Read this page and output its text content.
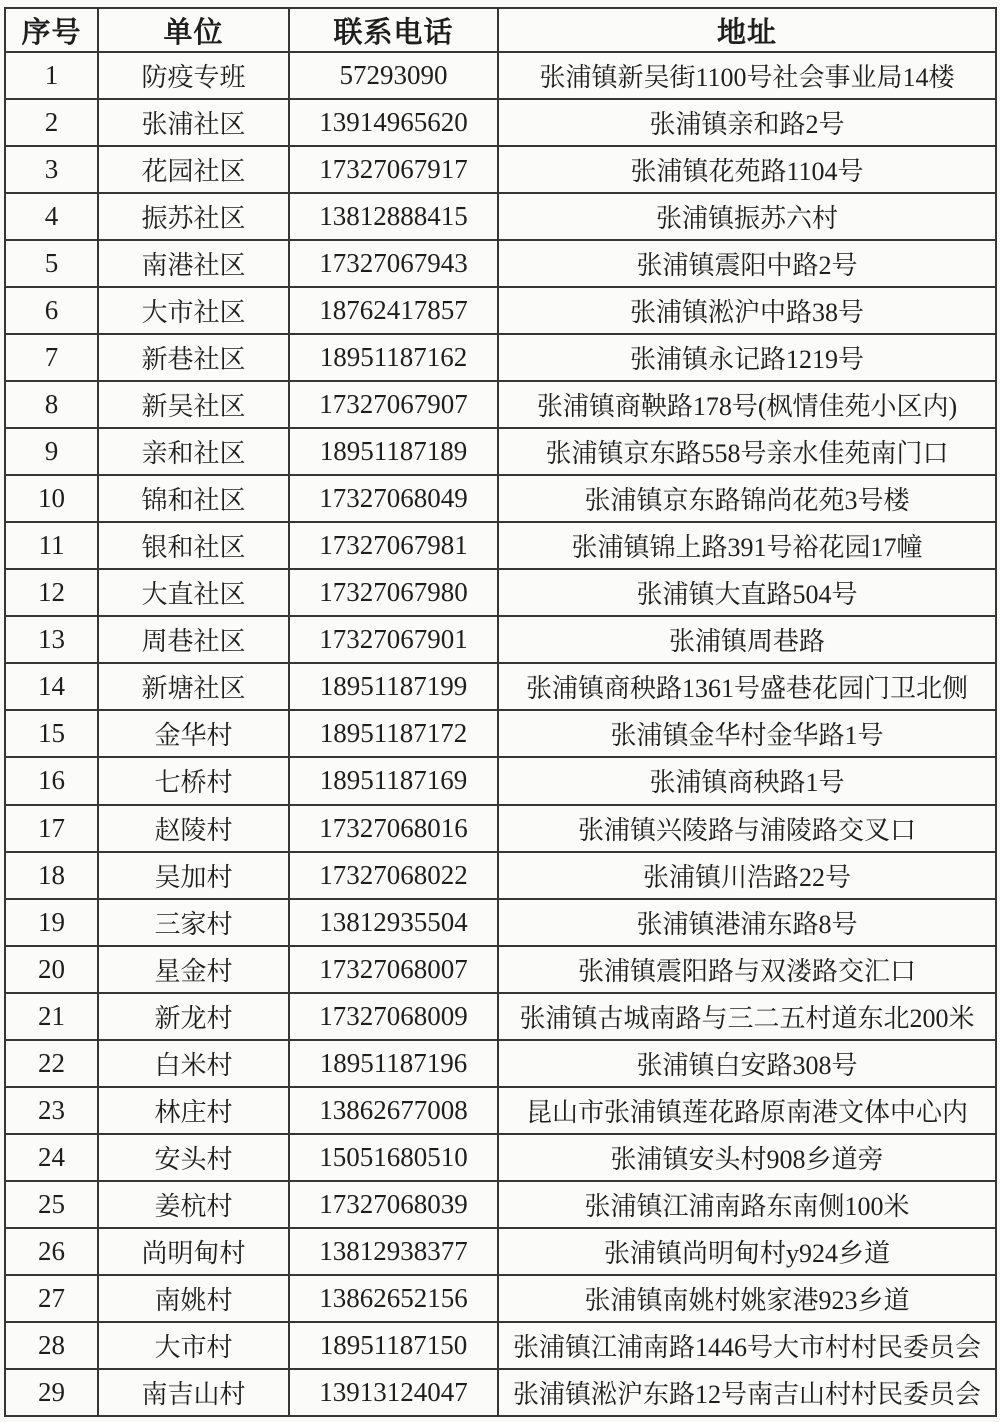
序号	单位	联系电话	地址
1	防疫专班	57293090	张浦镇新吴街1100号社会事业局14楼
2	张浦社区	13914965620	张浦镇亲和路2号
3	花园社区	17327067917	张浦镇花苑路1104号
4	振苏社区	13812888415	张浦镇振苏六村
5	南港社区	17327067943	张浦镇震阳中路2号
6	大市社区	18762417857	张浦镇淞沪中路38号
7	新巷社区	18951187162	张浦镇永记路1219号
8	新吴社区	17327067907	张浦镇商鞅路178号(枫情佳苑小区内)
9	亲和社区	18951187189	张浦镇京东路558号亲水佳苑南门口
10	锦和社区	17327068049	张浦镇京东路锦尚花苑3号楼
11	银和社区	17327067981	张浦镇锦上路391号裕花园17幢
12	大直社区	17327067980	张浦镇大直路504号
13	周巷社区	17327067901	张浦镇周巷路
14	新塘社区	18951187199	张浦镇商秧路1361号盛巷花园门卫北侧
15	金华村	18951187172	张浦镇金华村金华路1号
16	七桥村	18951187169	张浦镇商秧路1号
17	赵陵村	17327068016	张浦镇兴陵路与浦陵路交叉口
18	吴加村	17327068022	张浦镇川浩路22号
19	三家村	13812935504	张浦镇港浦东路8号
20	星金村	17327068007	张浦镇震阳路与双溇路交汇口
21	新龙村	17327068009	张浦镇古城南路与三二五村道东北200米
22	白米村	18951187196	张浦镇白安路308号
23	林庄村	13862677008	昆山市张浦镇莲花路原南港文体中心内
24	安头村	15051680510	张浦镇安头村908乡道旁
25	姜杭村	17327068039	张浦镇江浦南路东南侧100米
26	尚明甸村	13812938377	张浦镇尚明甸村y924乡道
27	南姚村	13862652156	张浦镇南姚村姚家港923乡道
28	大市村	18951187150	张浦镇江浦南路1446号大市村村民委员会
29	南吉山村	13913124047	张浦镇淞沪东路12号南吉山村村民委员会
